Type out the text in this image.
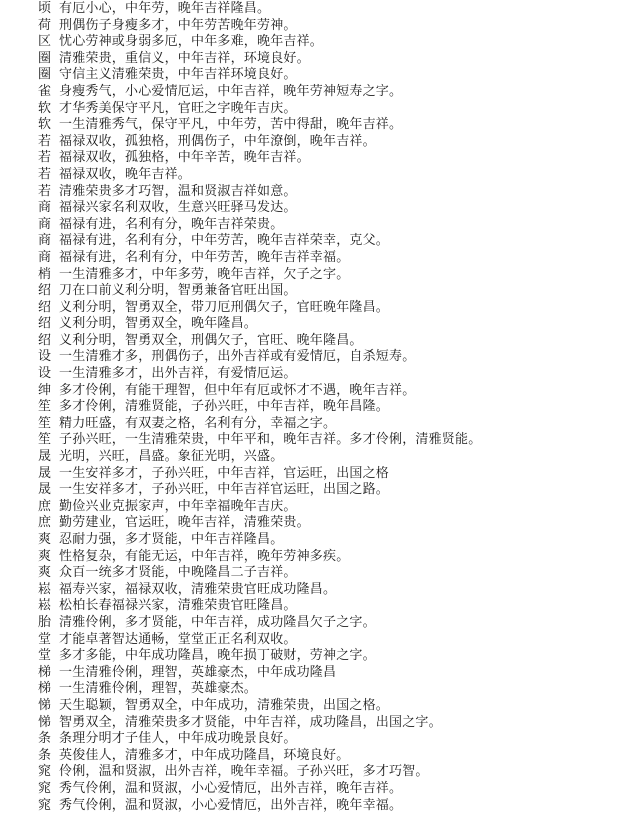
顷 有厄小心，中年劳，晚年吉祥隆昌。
荷 刑偶伤子身瘦多才，中年劳苦晚年劳神。
区 忧心劳神或身弱多厄，中年多难，晚年吉祥。
圈 清雅荣贵，重信义，中年吉祥，环境良好。
圈 守信主义清雅荣贵，中年吉祥环境良好。
雀 身瘦秀气，小心爱情厄运，中年吉祥，晚年劳神短寿之字。
软 才华秀美保守平凡，官旺之字晚年吉庆。
软 一生清雅秀气，保守平凡，中年劳，苦中得甜，晚年吉祥。
若 福禄双收，孤独格，刑偶伤子，中年潦倒，晚年吉祥。
若 福禄双收，孤独格，中年辛苦，晚年吉祥。
若 福禄双收，晚年吉祥。
若 清雅荣贵多才巧智，温和贤淑吉祥如意。
商 福禄兴家名利双收，生意兴旺驿马发达。
商 福禄有进，名利有分，晚年吉祥荣贵。
商 福禄有进，名利有分，中年劳苦，晚年吉祥荣幸，克父。
商 福禄有进，名利有分，中年劳苦，晚年吉祥幸福。
梢 一生清雅多才，中年多劳，晚年吉祥，欠子之字。
绍 刀在口前义利分明，智勇兼备官旺出国。
绍 义利分明，智勇双全，带刀厄刑偶欠子，官旺晚年隆昌。
绍 义利分明，智勇双全，晚年隆昌。
绍 义利分明，智勇双全，刑偶欠子，官旺、晚年隆昌。
设 一生清雅才多，刑偶伤子，出外吉祥或有爱情厄，自杀短寿。
设 一生清雅多才，出外吉祥，有爱情厄运。
绅 多才伶俐，有能干理智，但中年有厄或怀才不遇，晚年吉祥。
笙 多才伶俐，清雅贤能，子孙兴旺，中年吉祥，晚年昌隆。
笙 精力旺盛，有双妻之格，名利有分，幸福之字。
笙 子孙兴旺，一生清雅荣贵，中年平和，晚年吉祥。多才伶俐，清雅贤能。
晟 光明，兴旺，昌盛。象征光明，兴盛。
晟 一生安祥多才，子孙兴旺，中年吉祥，官运旺，出国之格
晟 一生安祥多才，子孙兴旺，中年吉祥官运旺，出国之路。
庶 勤俭兴业克振家声，中年幸福晚年吉庆。
庶 勤劳建业，官运旺，晚年吉祥，清雅荣贵。
爽 忍耐力强，多才贤能，中年吉祥隆昌。
爽 性格复杂，有能无运，中年吉祥，晚年劳神多疾。
爽 众百一统多才贤能，中晚隆昌二子吉祥。
崧 福寿兴家，福禄双收，清雅荣贵官旺成功隆昌。
崧 松柏长春福禄兴家，清雅荣贵官旺隆昌。
胎 清雅伶俐，多才贤能，中年吉祥，成功隆昌欠子之字。
堂 才能卓著智达通畅，堂堂正正名利双收。
堂 多才多能，中年成功隆昌，晚年损丁破财，劳神之字。
梯 一生清雅伶俐，理智，英雄豪杰，中年成功隆昌
梯 一生清雅伶俐，理智，英雄豪杰。
悌 天生聪颖，智勇双全，中年成功，清雅荣贵，出国之格。
悌 智勇双全，清雅荣贵多才贤能，中年吉祥，成功隆昌，出国之字。
条 条理分明才子佳人，中年成功晚景良好。
条 英俊佳人，清雅多才，中年成功隆昌，环境良好。
窕 伶俐，温和贤淑，出外吉祥，晚年幸福。子孙兴旺，多才巧智。
窕 秀气伶俐，温和贤淑，小心爱情厄，出外吉祥，晚年吉祥。
窕 秀气伶俐，温和贤淑，小心爱情厄，出外吉祥，晚年幸福。
